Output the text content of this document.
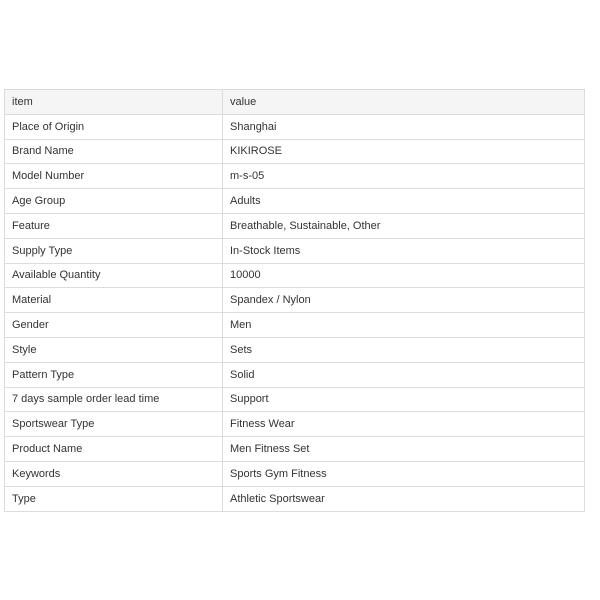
item	value
Place of Origin	Shanghai
Brand Name	KIKIROSE
Model Number	m-s-05
Age Group	Adults
Feature	Breathable, Sustainable, Other
Supply Type	In-Stock Items
Available Quantity	10000
Material	Spandex / Nylon
Gender	Men
Style	Sets
Pattern Type	Solid
7 days sample order lead time	Support
Sportswear Type	Fitness Wear
Product Name	Men Fitness Set
Keywords	Sports Gym Fitness
Type	Athletic Sportswear
